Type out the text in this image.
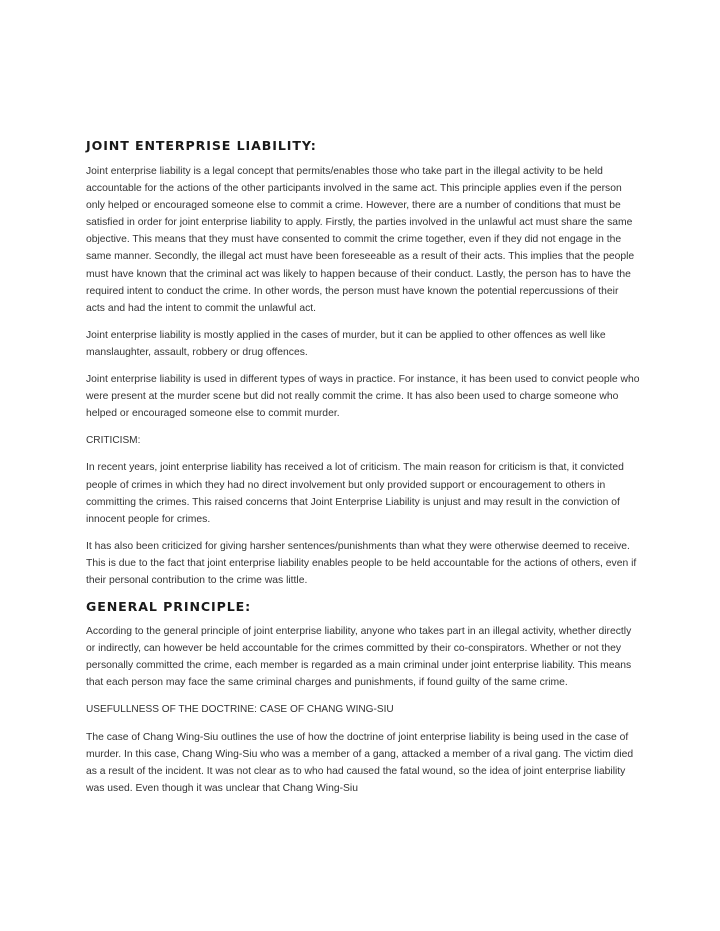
JOINT ENTERPRISE LIABILITY:

Joint enterprise liability is a legal concept that permits/enables those who take part in the illegal activity to be held accountable for the actions of the other participants involved in the same act. This principle applies even if the person only helped or encouraged someone else to commit a crime. However, there are a number of conditions that must be satisfied in order for joint enterprise liability to apply. Firstly, the parties involved in the unlawful act must share the same objective. This means that they must have consented to commit the crime together, even if they did not engage in the same manner. Secondly, the illegal act must have been foreseeable as a result of their acts. This implies that the people must have known that the criminal act was likely to happen because of their conduct. Lastly, the person has to have the required intent to conduct the crime. In other words, the person must have known the potential repercussions of their acts and had the intent to commit the unlawful act.

Joint enterprise liability is mostly applied in the cases of murder, but it can be applied to other offences as well like manslaughter, assault, robbery or drug offences.

Joint enterprise liability is used in different types of ways in practice. For instance, it has been used to convict people who were present at the murder scene but did not really commit the crime. It has also been used to charge someone who helped or encouraged someone else to commit murder.

CRITICISM:

In recent years, joint enterprise liability has received a lot of criticism. The main reason for criticism is that, it convicted people of crimes in which they had no direct involvement but only provided support or encouragement to others in committing the crimes. This raised concerns that Joint Enterprise Liability is unjust and may result in the conviction of innocent people for crimes.

It has also been criticized for giving harsher sentences/punishments than what they were otherwise deemed to receive. This is due to the fact that joint enterprise liability enables people to be held accountable for the actions of others, even if their personal contribution to the crime was little.

GENERAL PRINCIPLE:

According to the general principle of joint enterprise liability, anyone who takes part in an illegal activity, whether directly or indirectly, can however be held accountable for the crimes committed by their co-conspirators. Whether or not they personally committed the crime, each member is regarded as a main criminal under joint enterprise liability. This means that each person may face the same criminal charges and punishments, if found guilty of the same crime.

USEFULLNESS OF THE DOCTRINE: CASE OF CHANG WING-SIU

The case of Chang Wing-Siu outlines the use of how the doctrine of joint enterprise liability is being used in the case of murder. In this case, Chang Wing-Siu who was a member of a gang, attacked a member of a rival gang. The victim died as a result of the incident. It was not clear as to who had caused the fatal wound, so the idea of joint enterprise liability was used. Even though it was unclear that Chang Wing-Siu
